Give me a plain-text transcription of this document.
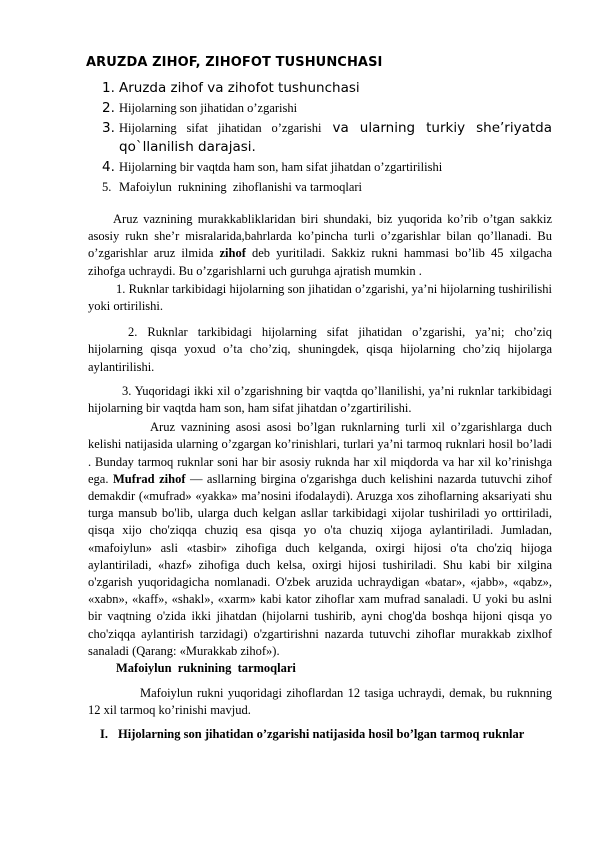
ARUZDA ZIHOF, ZIHOFOT TUSHUNCHASI
1. Aruzda zihof va zihofot tushunchasi
2. Hijolarning son jihatidan o’zgarishi
3. Hijolarning sifat jihatidan o’zgarishi va ularning turkiy she’riyatda qo`llanilish darajasi.
4. Hijolarning bir vaqtda ham son, ham sifat jihatdan o’zgartirilishi
5. Mafoiylun  ruknining  zihoflanishi va tarmoqlari

Aruz vaznining murakkabliklaridan biri shundaki, biz yuqorida ko’rib o’tgan sakkiz asosiy rukn she’r misralarida,bahrlarda ko’pincha turli o’zgarishlar bilan qo’llanadi. Bu o’zgarishlar aruz ilmida zihof deb yuritiladi. Sakkiz rukni hammasi bo’lib 45 xilgacha zihofga uchraydi. Bu o’zgarishlarni uch guruhga ajratish mumkin .

1. Ruknlar tarkibidagi hijolarning son jihatidan o’zgarishi, ya’ni hijolarning tushirilishi yoki ortirilishi.

2. Ruknlar tarkibidagi hijolarning sifat jihatidan o’zgarishi, ya’ni; cho’ziq hijolarning qisqa yoxud o’ta cho’ziq, shuningdek, qisqa hijolarning cho’ziq hijolarga aylantirilishi.

3. Yuqoridagi ikki xil o’zgarishning bir vaqtda qo’llanilishi, ya’ni ruknlar tarkibidagi hijolarning bir vaqtda ham son, ham sifat jihatdan o’zgartirilishi.

Aruz vaznining asosi asosi bo’lgan ruknlarning turli xil o’zgarishlarga duch kelishi natijasida ularning o’zgargan ko’rinishlari, turlari ya’ni tarmoq ruknlari hosil bo’ladi . Bunday tarmoq ruknlar soni har bir asosiy ruknda har xil miqdorda va har xil ko’rinishga ega. Mufrad zihof — asllarning birgina o'zgarishga duch kelishini nazarda tutuvchi zihof demakdir («mufrad» «yakka» ma’nosini ifodalaydi). Aruzga xos zihoflarning aksariyati shu turga mansub bo'lib, ularga duch kelgan asllar tarkibidagi xijolar tushiriladi yo orttiriladi, qisqa xijo cho'ziqqa chuziq esa qisqa yo o'ta chuziq xijoga aylantiriladi. Jumladan, «mafoiylun» asli «tasbir» zihofiga duch kelganda, oxirgi hijosi o'ta cho'ziq hijoga aylantiriladi, «hazf» zihofiga duch kelsa, oxirgi hijosi tushiriladi. Shu kabi bir xilgina o'zgarish yuqoridagicha nomlanadi. O'zbek aruzida uchraydigan «batar», «jabb», «qabz», «xabn», «kaff», «shakl», «xarm» kabi kator zihoflar xam mufrad sanaladi. U yoki bu aslni bir vaqtning o'zida ikki jihatdan (hijolarni tushirib, ayni chog'da boshqa hijoni qisqa yo cho'ziqqa aylantirish tarzidagi) o'zgartirishni nazarda tutuvchi zihoflar murakkab zixlhof sanaladi (Qarang: «Murakkab zihof»).

Mafoiylun  ruknining  tarmoqlari

Mafoiylun rukni yuqoridagi zihoflardan 12 tasiga uchraydi, demak, bu ruknning 12 xil tarmoq ko’rinishi mavjud.

I. Hijolarning son jihatidan o’zgarishi natijasida hosil bo’lgan tarmoq ruknlar
